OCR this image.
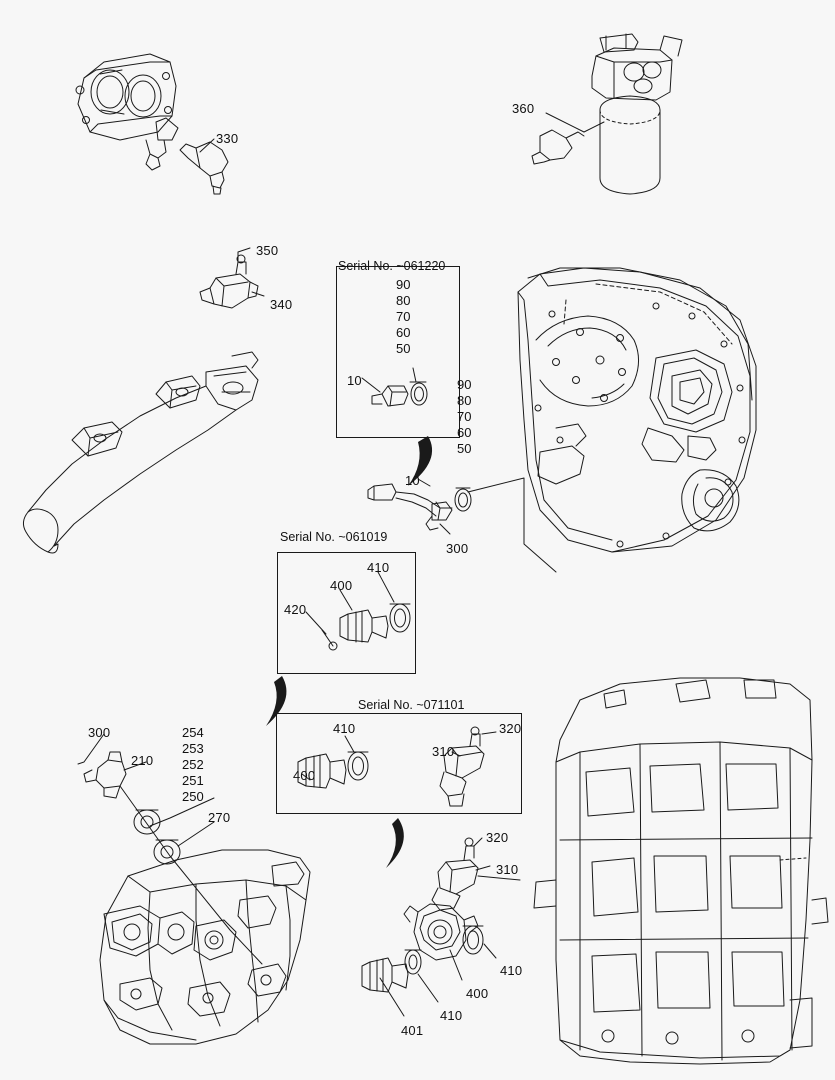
Serial No. ~061220
Serial No. ~061019
Serial No. ~071101
90
80
70
60
50
90
80
70
60
50
254
253
252
251
250
330
360
350
340
10
10
300
300
210
270
320
310
410
400
410
401
420
400
410
400
410
310
320
